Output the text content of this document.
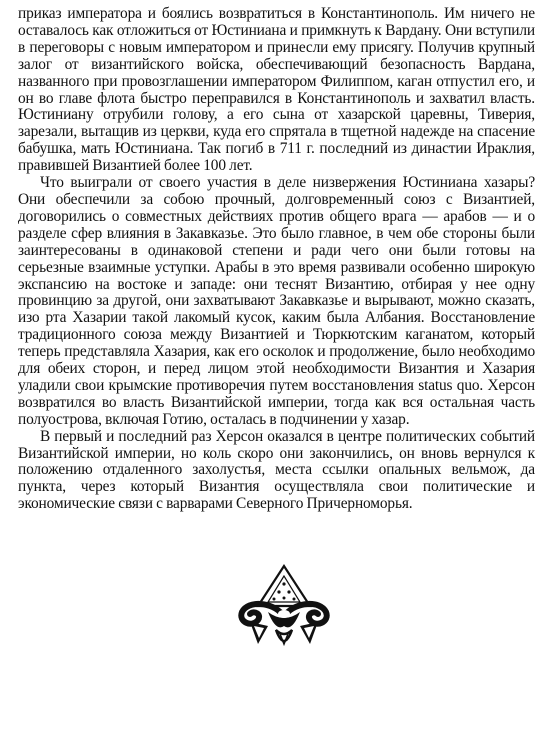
приказ императора и боялись возвратиться в Константинополь. Им ничего не оставалось как отложиться от Юстиниана и примкнуть к Вардану. Они вступили в переговоры с новым императором и принесли ему присягу. Получив крупный залог от византийского войска, обеспечивающий безопасность Вардана, названного при провозглашении императором Филиппом, каган отпустил его, и он во главе флота быстро переправился в Константинополь и захватил власть. Юстиниану отрубили голову, а его сына от хазарской царевны, Тиверия, зарезали, вытащив из церкви, куда его спрятала в тщетной надежде на спасение бабушка, мать Юстиниана. Так погиб в 711 г. последний из династии Ираклия, правившей Византией более 100 лет.

Что выиграли от своего участия в деле низвержения Юстиниана хазары? Они обеспечили за собою прочный, долговременный союз с Византией, договорились о совместных действиях против общего врага — арабов — и о разделе сфер влияния в Закавказье. Это было главное, в чем обе стороны были заинтересованы в одинаковой степени и ради чего они были готовы на серьезные взаимные уступки. Арабы в это время развивали особенно широкую экспансию на востоке и западе: они теснят Византию, отбирая у нее одну провинцию за другой, они захватывают Закавказье и вырывают, можно сказать, изо рта Хазарии такой лакомый кусок, каким была Албания. Восстановление традиционного союза между Византией и Тюркютским каганатом, который теперь представляла Хазария, как его осколок и продолжение, было необходимо для обеих сторон, и перед лицом этой необходимости Византия и Хазария уладили свои крымские противоречия путем восстановления status quo. Херсон возвратился во власть Византийской империи, тогда как вся остальная часть полуострова, включая Готию, осталась в подчинении у хазар.

В первый и последний раз Херсон оказался в центре политических событий Византийской империи, но коль скоро они закончились, он вновь вернулся к положению отдаленного захолустья, места ссылки опальных вельмож, да пункта, через который Византия осуществляла свои политические и экономические связи с варварами Северного Причерноморья.
